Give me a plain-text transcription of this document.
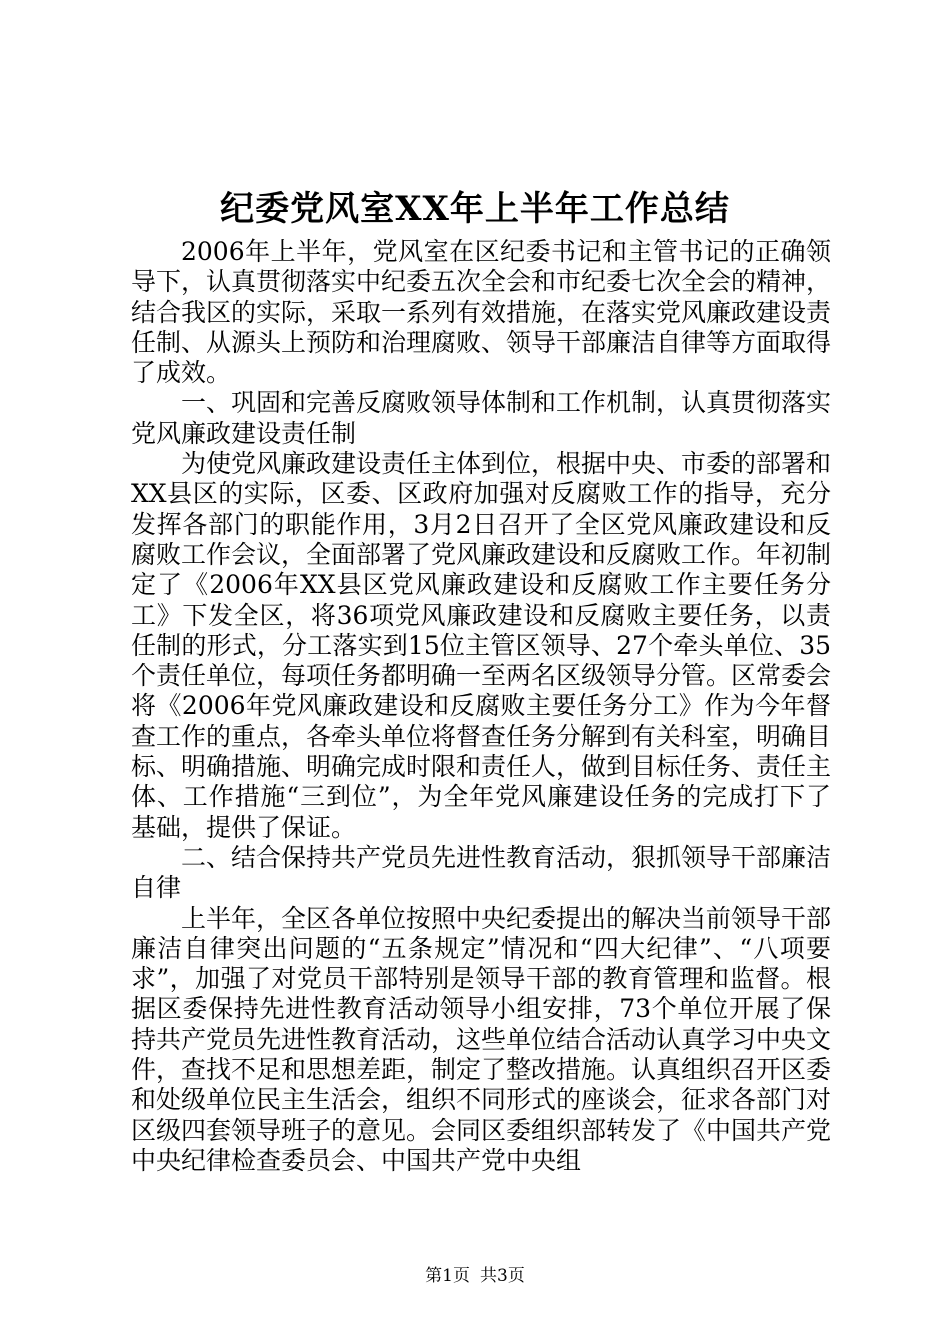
纪委党风室XX年上半年工作总结

2006年上半年，党风室在区纪委书记和主管书记的正确领导下，认真贯彻落实中纪委五次全会和市纪委七次全会的精神，结合我区的实际，采取一系列有效措施，在落实党风廉政建设责任制、从源头上预防和治理腐败、领导干部廉洁自律等方面取得了成效。

一、巩固和完善反腐败领导体制和工作机制，认真贯彻落实党风廉政建设责任制

为使党风廉政建设责任主体到位，根据中央、市委的部署和XX县区的实际，区委、区政府加强对反腐败工作的指导，充分发挥各部门的职能作用，3月2日召开了全区党风廉政建设和反腐败工作会议，全面部署了党风廉政建设和反腐败工作。年初制定了《2006年XX县区党风廉政建设和反腐败工作主要任务分工》下发全区，将36项党风廉政建设和反腐败主要任务，以责任制的形式，分工落实到15位主管区领导、27个牵头单位、35个责任单位，每项任务都明确一至两名区级领导分管。区常委会将《2006年党风廉政建设和反腐败主要任务分工》作为今年督查工作的重点，各牵头单位将督查任务分解到有关科室，明确目标、明确措施、明确完成时限和责任人，做到目标任务、责任主体、工作措施“三到位”，为全年党风廉建设任务的完成打下了基础，提供了保证。

二、结合保持共产党员先进性教育活动，狠抓领导干部廉洁自律

上半年，全区各单位按照中央纪委提出的解决当前领导干部廉洁自律突出问题的“五条规定”情况和“四大纪律”、“八项要求”，加强了对党员干部特别是领导干部的教育管理和监督。根据区委保持先进性教育活动领导小组安排，73个单位开展了保持共产党员先进性教育活动，这些单位结合活动认真学习中央文件，查找不足和思想差距，制定了整改措施。认真组织召开区委和处级单位民主生活会，组织不同形式的座谈会，征求各部门对区级四套领导班子的意见。会同区委组织部转发了《中国共产党中央纪律检查委员会、中国共产党中央组

第1页 共3页
